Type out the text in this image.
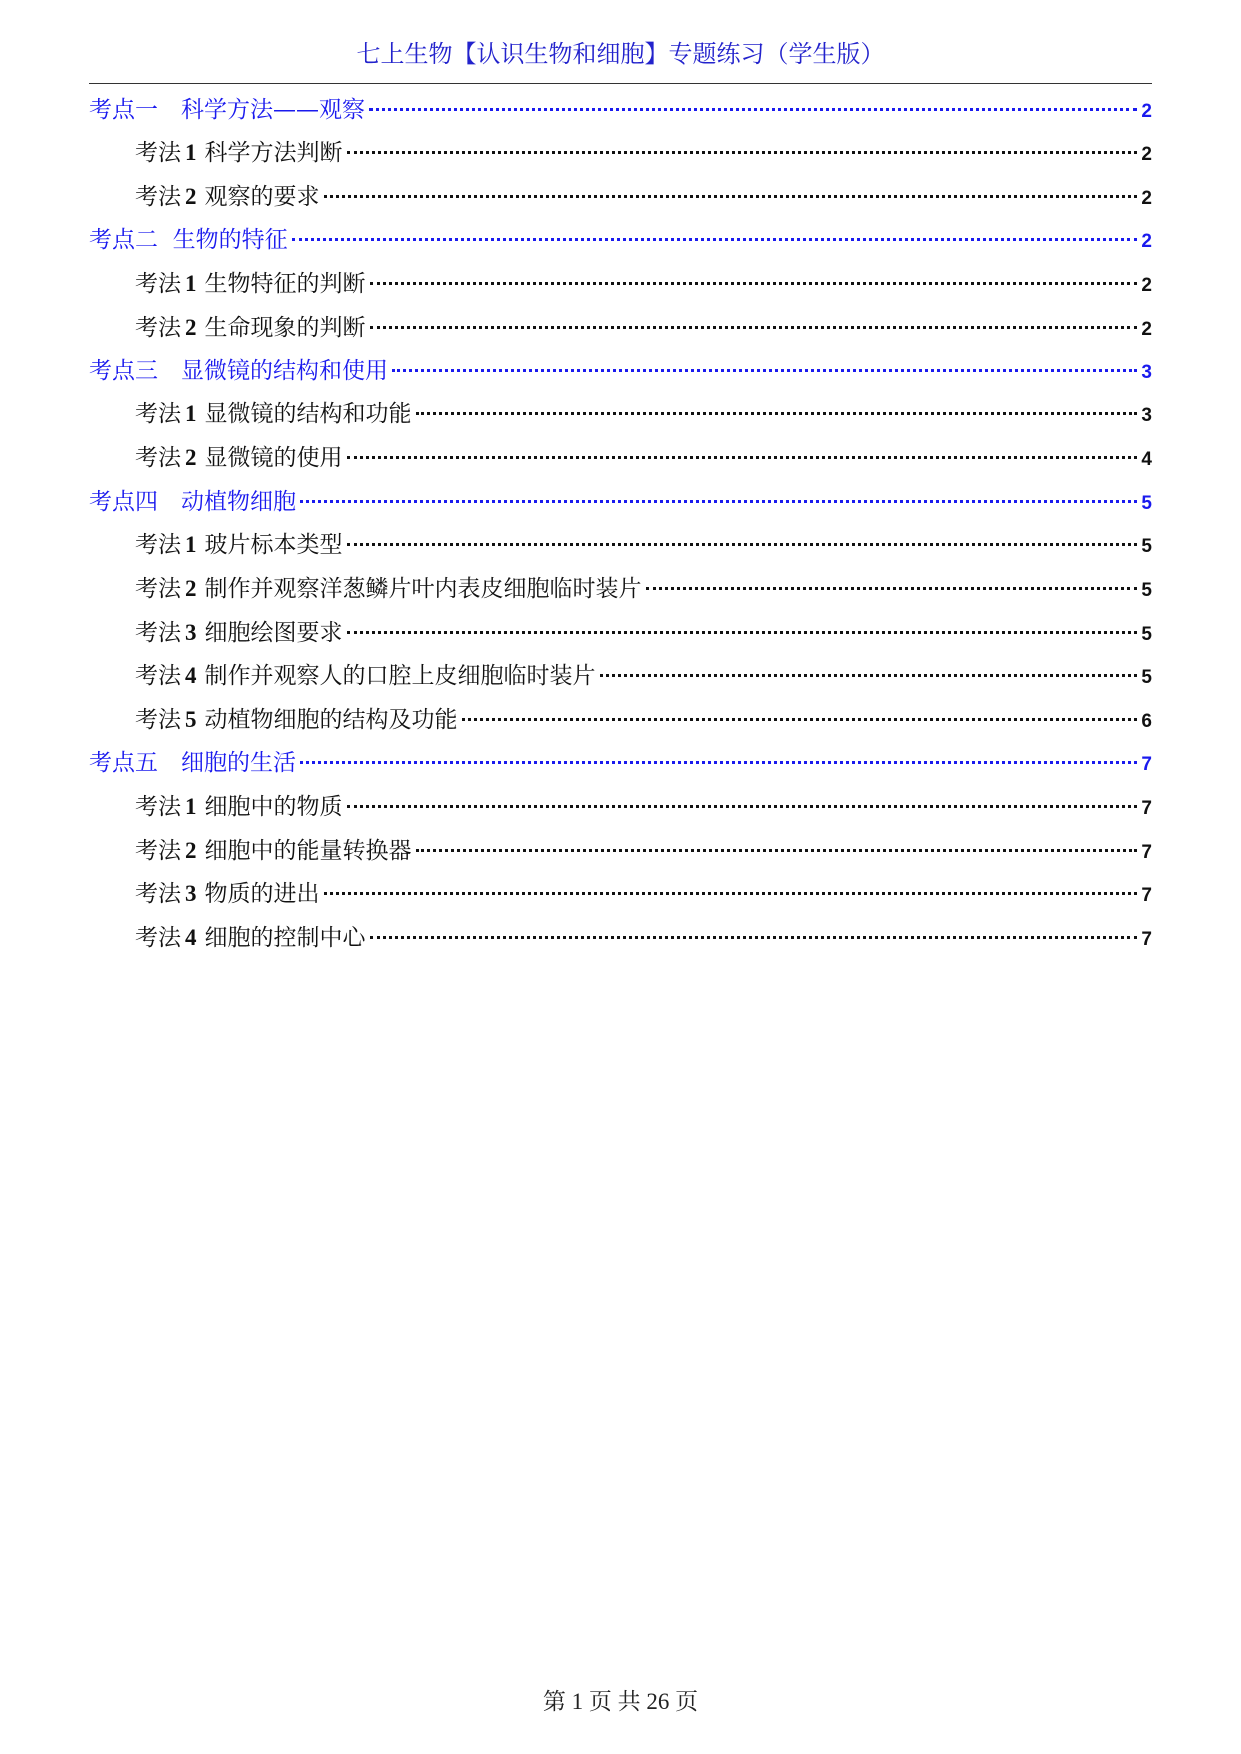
七上生物【认识生物和细胞】专题练习（学生版）
考点一　科学方法——观察	2
考法 1 科学方法判断	2
考法 2 观察的要求	2
考点二  生物的特征	2
考法 1 生物特征的判断	2
考法 2 生命现象的判断	2
考点三　显微镜的结构和使用	3
考法 1 显微镜的结构和功能	3
考法 2 显微镜的使用	4
考点四　动植物细胞	5
考法 1 玻片标本类型	5
考法 2 制作并观察洋葱鳞片叶内表皮细胞临时装片	5
考法 3 细胞绘图要求	5
考法 4 制作并观察人的口腔上皮细胞临时装片	5
考法 5 动植物细胞的结构及功能	6
考点五　细胞的生活	7
考法 1 细胞中的物质	7
考法 2 细胞中的能量转换器	7
考法 3 物质的进出	7
考法 4 细胞的控制中心	7
第 1 页 共 26 页
